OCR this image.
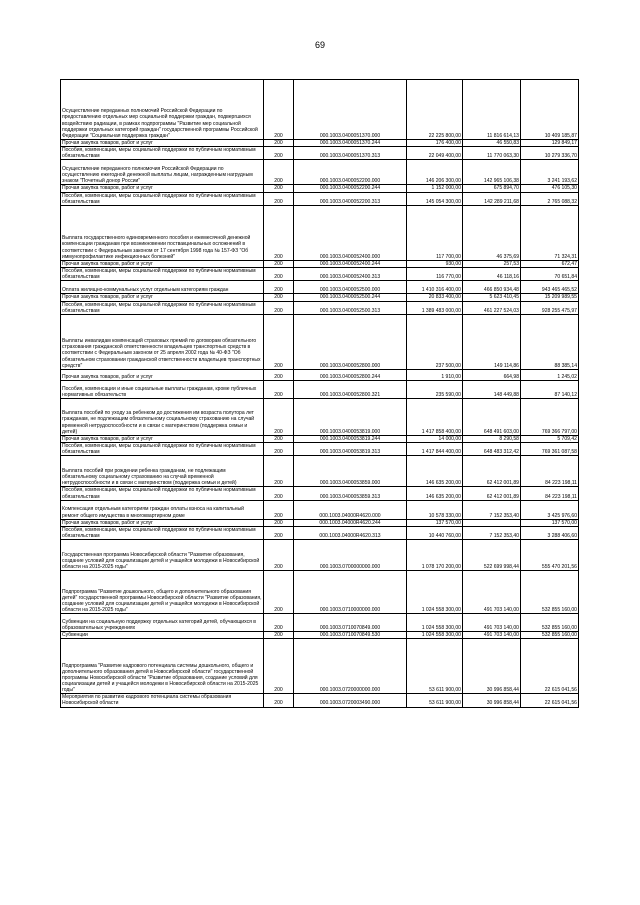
69
Осуществление переданных полномочий Российской Федерации по предоставлению отдельных мер социальной поддержки граждан, подвергшихся воздействию радиации, в рамках подпрограммы "Развитие мер социальной поддержки отдельных категорий граждан" государственной программы Российской Федерации "Социальная поддержка граждан"	200	000.1003.0400051370.000	22 225 800,00	11 816 614,13	10 409 185,87
Прочая закупка товаров, работ и услуг	200	000.1003.0400051370.244	176 400,00	46 550,83	129 849,17
Пособия, компенсации, меры социальной поддержки по публичным нормативным обязательствам	200	000.1003.0400051370.313	22 049 400,00	11 770 063,30	10 279 336,70
Осуществление переданного полномочия Российской Федерации по осуществлению ежегодной денежной выплаты лицам, награжденным нагрудным знаком "Почетный донор России"	200	000.1003.0400052200.000	146 206 300,00	142 965 106,38	3 241 193,62
Прочая закупка товаров, работ и услуг	200	000.1003.0400052200.244	1 152 000,00	675 894,70	476 105,30
Пособия, компенсации, меры социальной поддержки по публичным нормативным обязательствам	200	000.1003.0400052200.313	145 054 300,00	142 289 211,68	2 765 088,32
Выплата государственного единовременного пособия и ежемесячной денежной компенсации гражданам при возникновении поствакцинальных осложнений в соответствии с Федеральным законом от 17 сентября 1998 года № 157-ФЗ "Об иммунопрофилактике инфекционных болезней"	200	000.1003.0400052400.000	117 700,00	46 375,69	71 324,31
Прочая закупка товаров, работ и услуг	200	000.1003.0400052400.244	930,00	257,53	672,47
Пособия, компенсации, меры социальной поддержки по публичным нормативным обязательствам	200	000.1003.0400052400.313	116 770,00	46 118,16	70 651,84
Оплата жилищно-коммунальных услуг отдельным категориям граждан	200	000.1003.0400052500.000	1 410 316 400,00	466 850 934,48	943 465 465,52
Прочая закупка товаров, работ и услуг	200	000.1003.0400052500.244	20 833 400,00	5 623 410,45	15 209 989,55
Пособия, компенсации, меры социальной поддержки по публичным нормативным обязательствам	200	000.1003.0400052500.313	1 389 483 000,00	461 227 524,03	928 255 475,97
Выплаты инвалидам компенсаций страховых премий по договорам обязательного страхования гражданской ответственности владельцев транспортных средств в соответствии с Федеральным законом от 25 апреля 2002 года № 40-ФЗ "Об обязательном страховании гражданской ответственности владельцев транспортных средств"	200	000.1003.0400052800.000	237 500,00	149 114,86	88 385,14
Прочая закупка товаров, работ и услуг	200	000.1003.0400052800.244	1 910,00	664,98	1 245,02
Пособия, компенсации и иные социальные выплаты гражданам, кроме публичных нормативных обязательств	200	000.1003.0400052800.321	235 590,00	148 449,88	87 140,12
Выплата пособий по уходу за ребенком до достижения им возраста полутора лет гражданам, не подлежащим обязательному социальному страхованию на случай временной нетрудоспособности и в связи с материнством (поддержка семьи и детей)	200	000.1003.0400053819.000	1 417 858 400,00	648 491 603,00	769 366 797,00
Прочая закупка товаров, работ и услуг	200	000.1003.0400053819.244	14 000,00	8 290,58	5 709,42
Пособия, компенсации, меры социальной поддержки по публичным нормативным обязательствам	200	000.1003.0400053819.313	1 417 844 400,00	648 483 312,42	769 361 087,58
Выплата пособий при рождении ребенка гражданам, не подлежащим обязательному социальному страхованию на случай временной нетрудоспособности и в связи с материнством (поддержка семьи и детей)	200	000.1003.0400053859.000	146 635 200,00	62 412 001,89	84 223 198,11
Пособия, компенсации, меры социальной поддержки по публичным нормативным обязательствам	200	000.1003.0400053859.313	146 635 200,00	62 412 001,89	84 223 198,11
Компенсация отдельным категориям граждан оплаты взноса на капитальный ремонт общего имущества в многоквартирном доме	200	000.1003.04000R4620.000	10 578 330,00	7 152 353,40	3 425 976,60
Прочая закупка товаров, работ и услуг	200	000.1003.04000R4620.244	137 570,00		137 570,00
Пособия, компенсации, меры социальной поддержки по публичным нормативным обязательствам	200	000.1003.04000R4620.313	10 440 760,00	7 152 353,40	3 288 406,60
Государственная программа Новосибирской области "Развитие образования, создание условий для социализации детей и учащейся молодежи в Новосибирской области на 2015-2025 годы"	200	000.1003.0700000000.000	1 078 170 200,00	522 699 998,44	555 470 201,56
Подпрограмма "Развитие дошкольного, общего и дополнительного образования детей" государственной программы Новосибирской области "Развитие образования, создание условий для социализации детей и учащейся молодежи в Новосибирской области на 2015-2025 годы"	200	000.1003.0710000000.000	1 024 558 300,00	491 703 140,00	532 855 160,00
Субвенции на социальную поддержку отдельных категорий детей, обучающихся в образовательных учреждениях	200	000.1003.0710070849.000	1 024 558 300,00	491 703 140,00	532 855 160,00
Субвенции	200	000.1003.0710070849.530	1 024 558 300,00	491 703 140,00	532 855 160,00
Подпрограмма "Развитие кадрового потенциала системы дошкольного, общего и дополнительного образования детей в Новосибирской области" государственной программы Новосибирской области "Развитие образования, создание условий для социализации детей и учащейся молодежи в Новосибирской области на 2015-2025 годы"	200	000.1003.0720000000.000	53 611 900,00	30 996 858,44	22 615 041,56
Мероприятия по развитию кадрового потенциала системы образования Новосибирской области	200	000.1003.0720003490.000	53 611 900,00	30 996 858,44	22 615 041,56
